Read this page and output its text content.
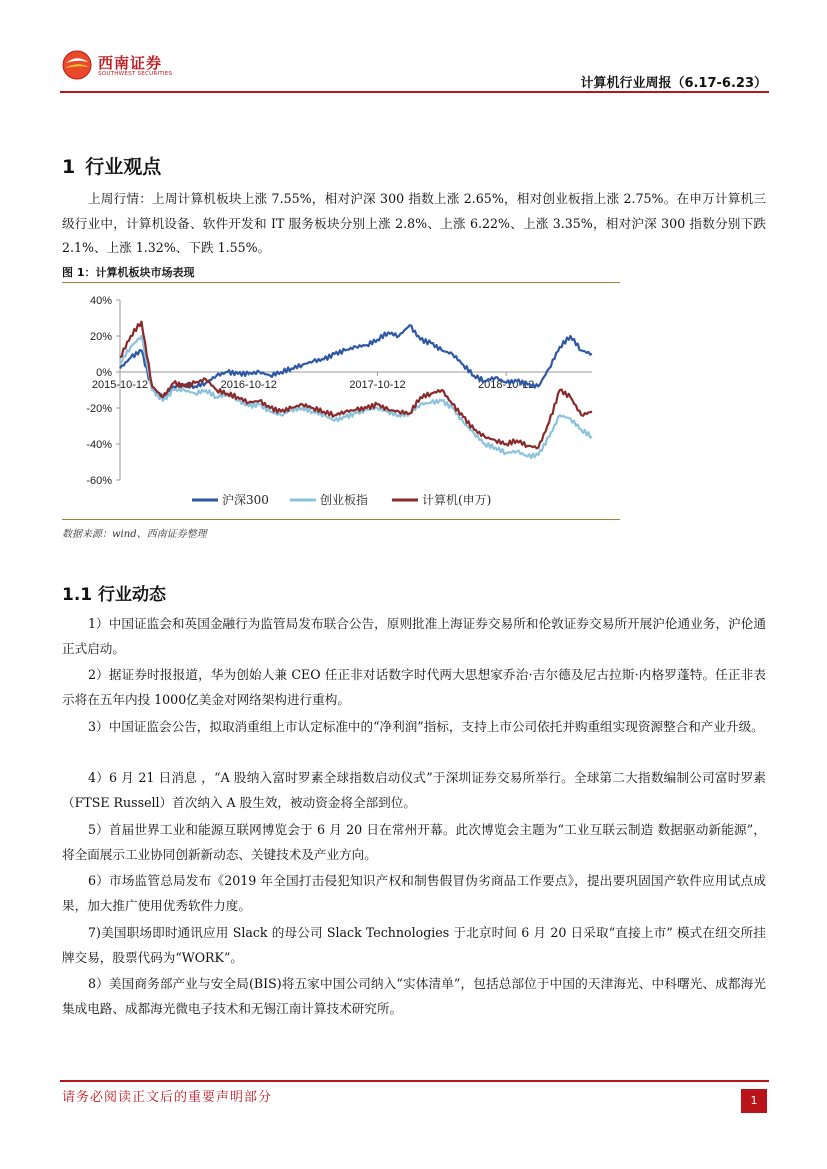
西南证券
SOUTHWEST SECURITIES
计算机行业周报（6.17-6.23）
1 行业观点

上周行情：上周计算机板块上涨 7.55%，相对沪深 300 指数上涨 2.65%，相对创业板指上涨 2.75%。在申万计算机三级行业中，计算机设备、软件开发和 IT 服务板块分别上涨 2.8%、上涨 6.22%、上涨 3.35%，相对沪深 300 指数分别下跌 2.1%、上涨 1.32%、下跌 1.55%。

图 1：计算机板块市场表现
40%
20%
0%
-20%
-40%
-60%
2015-10-12	2016-10-12	2017-10-12	2018-10-12
沪深300	创业板指	计算机(申万)
数据来源：wind、西南证券整理
1.1 行业动态

1）中国证监会和英国金融行为监管局发布联合公告，原则批准上海证券交易所和伦敦证券交易所开展沪伦通业务，沪伦通正式启动。

2）据证券时报报道，华为创始人兼 CEO 任正非对话数字时代两大思想家乔治·吉尔德及尼古拉斯·内格罗蓬特。任正非表示将在五年内投 1000亿美金对网络架构进行重构。

3）中国证监会公告，拟取消重组上市认定标准中的“净利润”指标，支持上市公司依托并购重组实现资源整合和产业升级。

4）6 月 21 日消息 ，“A 股纳入富时罗素全球指数启动仪式”于深圳证券交易所举行。全球第二大指数编制公司富时罗素（FTSE Russell）首次纳入 A 股生效，被动资金将全部到位。

5）首届世界工业和能源互联网博览会于 6 月 20 日在常州开幕。此次博览会主题为“工业互联云制造 数据驱动新能源”，将全面展示工业协同创新新动态、关键技术及产业方向。

6）市场监管总局发布《2019 年全国打击侵犯知识产权和制售假冒伪劣商品工作要点》，提出要巩固国产软件应用试点成果，加大推广使用优秀软件力度。

7)美国职场即时通讯应用 Slack 的母公司 Slack Technologies 于北京时间 6 月 20 日采取“直接上市” 模式在纽交所挂牌交易，股票代码为“WORK”。

8）美国商务部产业与安全局(BIS)将五家中国公司纳入“实体清单”，包括总部位于中国的天津海光、中科曙光、成都海光集成电路、成都海光微电子技术和无锡江南计算技术研究所。

请务必阅读正文后的重要声明部分	1
